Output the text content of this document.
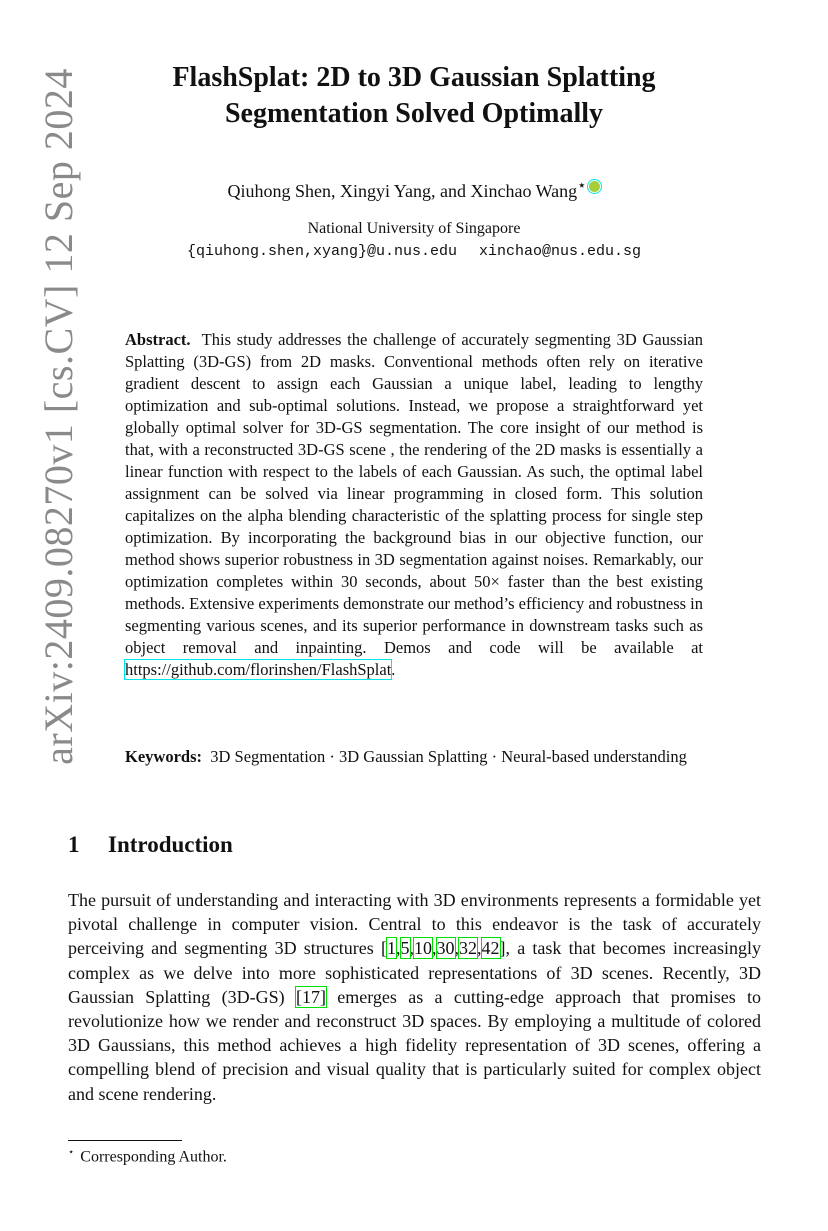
arXiv:2409.08270v1 [cs.CV] 12 Sep 2024	FlashSplat: 2D to 3D Gaussian Splatting
Segmentation Solved Optimally
Qiuhong Shen, Xingyi Yang, and Xinchao Wang⋆
National University of Singapore
{qiuhong.shen,xyang}@u.nus.edu xinchao@nus.edu.sg

Abstract. This study addresses the challenge of accurately segmenting 3D Gaussian Splatting (3D-GS) from 2D masks. Conventional methods often rely on iterative gradient descent to assign each Gaussian a unique label, leading to lengthy optimization and sub-optimal solutions. Instead, we propose a straightforward yet globally optimal solver for 3D-GS segmentation. The core insight of our method is that, with a reconstructed 3D-GS scene , the rendering of the 2D masks is essentially a linear function with respect to the labels of each Gaussian. As such, the optimal label assignment can be solved via linear programming in closed form. This solution capitalizes on the alpha blending characteristic of the splatting process for single step optimization. By incorporating the background bias in our objective function, our method shows superior robustness in 3D segmentation against noises. Remarkably, our optimization completes within 30 seconds, about 50× faster than the best existing methods. Extensive experiments demonstrate our method’s efficiency and robustness in segmenting various scenes, and its superior performance in downstream tasks such as object removal and inpainting. Demos and code will be available at https://github.com/florinshen/FlashSplat.

Keywords: 3D Segmentation · 3D Gaussian Splatting · Neural-based understanding

1 Introduction

The pursuit of understanding and interacting with 3D environments represents a formidable yet pivotal challenge in computer vision. Central to this endeavor is the task of accurately perceiving and segmenting 3D structures [1,5,10,30,32,42], a task that becomes increasingly complex as we delve into more sophisticated representations of 3D scenes. Recently, 3D Gaussian Splatting (3D-GS) [17] emerges as a cutting-edge approach that promises to revolutionize how we render and reconstruct 3D spaces. By employing a multitude of colored 3D Gaussians, this method achieves a high fidelity representation of 3D scenes, offering a compelling blend of precision and visual quality that is particularly suited for complex object and scene rendering.

⋆ Corresponding Author.
